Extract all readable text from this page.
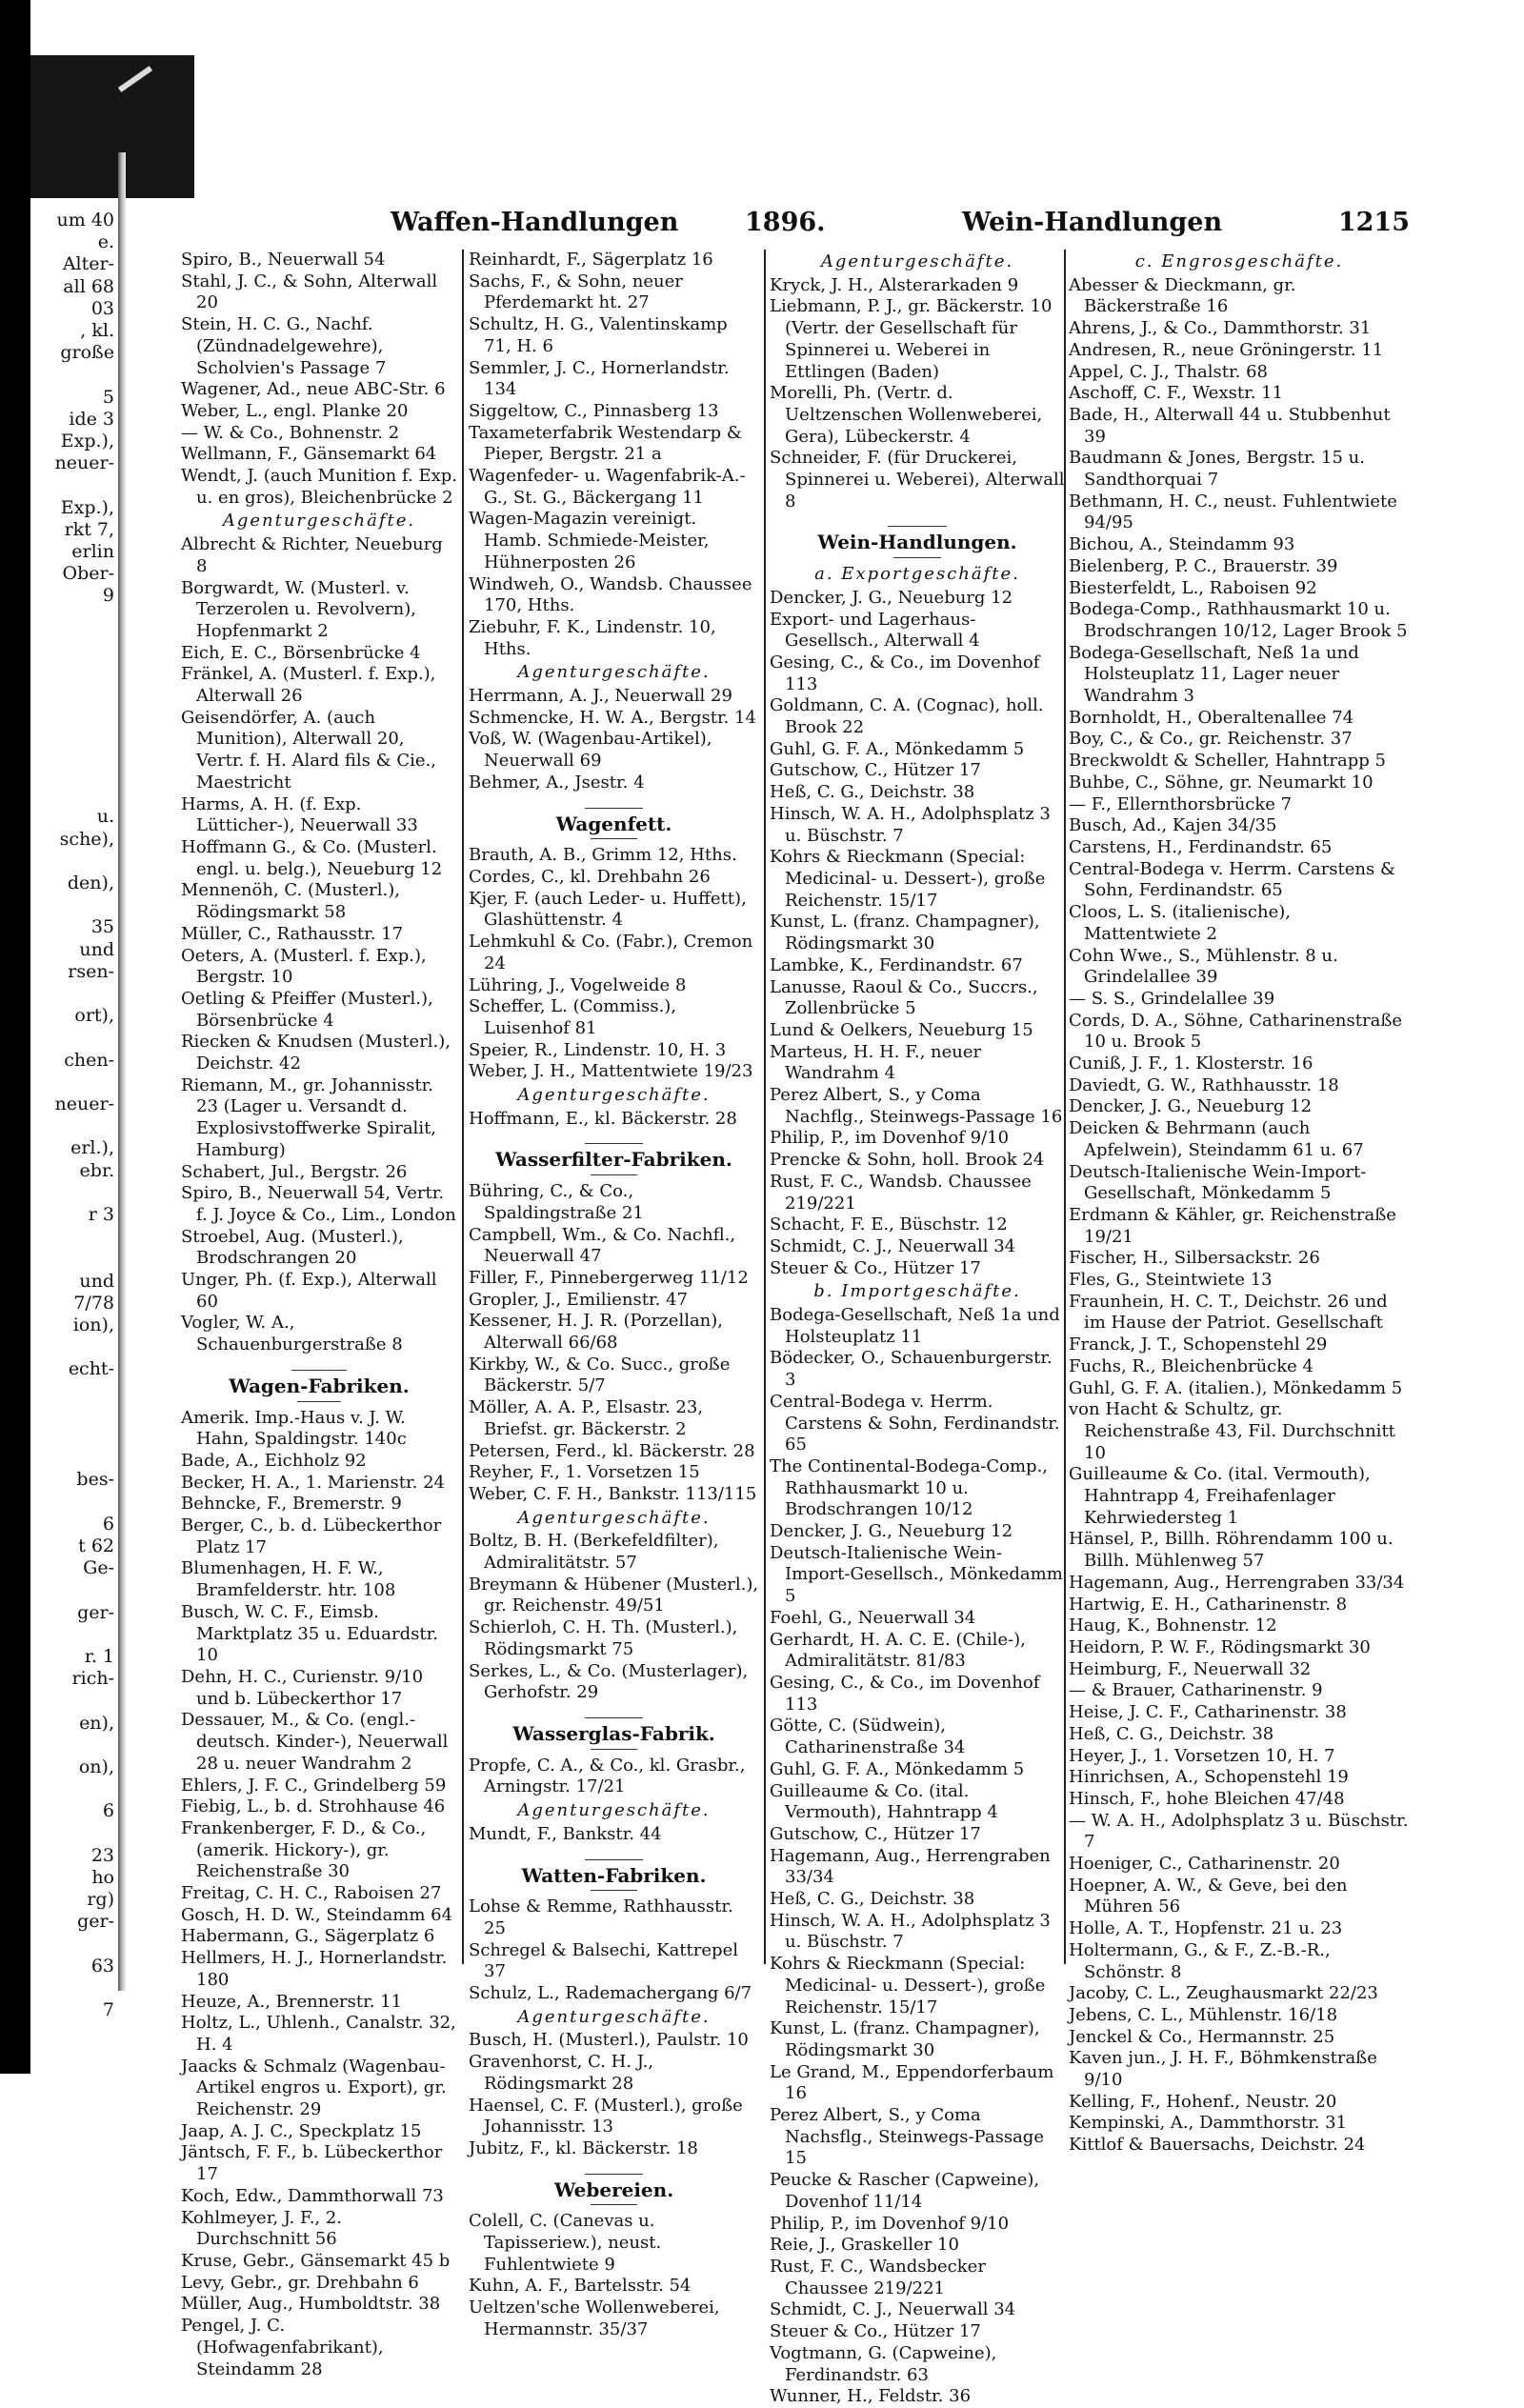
um 40
e.
Alter-
all 68
03
, kl.
große
5
ide 3
Exp.),
neuer-
Exp.),
rkt 7,
erlin
Ober-
9
u.
sche),
den),
35
und
rsen-
ort),
chen-
neuer-
erl.),
ebr.
r 3
und
7/78
ion),
echt-
bes-
6
t 62
Ge-
ger-
r. 1
rich-
en),
on),
6
23
ho
rg)
ger-
63
7
Waffen-Handlungen	1896.	Wein-Handlungen	1215

Spiro, B., Neuerwall 54

Stahl, J. C., & Sohn, Alterwall 20

Stein, H. C. G., Nachf. (Zündnadelgewehre), Scholvien's Passage 7

Wagener, Ad., neue ABC-Str. 6

Weber, L., engl. Planke 20

— W. & Co., Bohnenstr. 2

Wellmann, F., Gänsemarkt 64

Wendt, J. (auch Munition f. Exp. u. en gros), Bleichenbrücke 2

Agenturgeschäfte.

Albrecht & Richter, Neueburg 8

Borgwardt, W. (Musterl. v. Terzerolen u. Revolvern), Hopfenmarkt 2

Eich, E. C., Börsenbrücke 4

Fränkel, A. (Musterl. f. Exp.), Alterwall 26

Geisendörfer, A. (auch Munition), Alterwall 20, Vertr. f. H. Alard fils & Cie., Maestricht

Harms, A. H. (f. Exp. Lütticher-), Neuerwall 33

Hoffmann G., & Co. (Musterl. engl. u. belg.), Neueburg 12

Mennenöh, C. (Musterl.), Rödingsmarkt 58

Müller, C., Rathausstr. 17

Oeters, A. (Musterl. f. Exp.), Bergstr. 10

Oetling & Pfeiffer (Musterl.), Börsenbrücke 4

Riecken & Knudsen (Musterl.), Deichstr. 42

Riemann, M., gr. Johannisstr. 23 (Lager u. Versandt d. Explosivstoffwerke Spiralit, Hamburg)

Schabert, Jul., Bergstr. 26

Spiro, B., Neuerwall 54, Vertr. f. J. Joyce & Co., Lim., London

Stroebel, Aug. (Musterl.), Brodschrangen 20

Unger, Ph. (f. Exp.), Alterwall 60

Vogler, W. A., Schauenburgerstraße 8

Wagen-Fabriken.

Amerik. Imp.-Haus v. J. W. Hahn, Spaldingstr. 140c

Bade, A., Eichholz 92

Becker, H. A., 1. Marienstr. 24

Behncke, F., Bremerstr. 9

Berger, C., b. d. Lübeckerthor Platz 17

Blumenhagen, H. F. W., Bramfelderstr. htr. 108

Busch, W. C. F., Eimsb. Marktplatz 35 u. Eduardstr. 10

Dehn, H. C., Curienstr. 9/10 und b. Lübeckerthor 17

Dessauer, M., & Co. (engl.-deutsch. Kinder-), Neuerwall 28 u. neuer Wandrahm 2

Ehlers, J. F. C., Grindelberg 59

Fiebig, L., b. d. Strohhause 46

Frankenberger, F. D., & Co., (amerik. Hickory-), gr. Reichenstraße 30

Freitag, C. H. C., Raboisen 27

Gosch, H. D. W., Steindamm 64

Habermann, G., Sägerplatz 6

Hellmers, H. J., Hornerlandstr. 180

Heuze, A., Brennerstr. 11

Holtz, L., Uhlenh., Canalstr. 32, H. 4

Jaacks & Schmalz (Wagenbau-Artikel engros u. Export), gr. Reichenstr. 29

Jaap, A. J. C., Speckplatz 15

Jäntsch, F. F., b. Lübeckerthor 17

Koch, Edw., Dammthorwall 73

Kohlmeyer, J. F., 2. Durchschnitt 56

Kruse, Gebr., Gänsemarkt 45 b

Levy, Gebr., gr. Drehbahn 6

Müller, Aug., Humboldtstr. 38

Pengel, J. C. (Hofwagenfabrikant), Steindamm 28

Reinhardt, F., Sägerplatz 16

Sachs, F., & Sohn, neuer Pferdemarkt ht. 27

Schultz, H. G., Valentinskamp 71, H. 6

Semmler, J. C., Hornerlandstr. 134

Siggeltow, C., Pinnasberg 13

Taxameterfabrik Westendarp & Pieper, Bergstr. 21 a

Wagenfeder- u. Wagenfabrik-A.-G., St. G., Bäckergang 11

Wagen-Magazin vereinigt. Hamb. Schmiede-Meister, Hühnerposten 26

Windweh, O., Wandsb. Chaussee 170, Hths.

Ziebuhr, F. K., Lindenstr. 10, Hths.

Agenturgeschäfte.

Herrmann, A. J., Neuerwall 29

Schmencke, H. W. A., Bergstr. 14

Voß, W. (Wagenbau-Artikel), Neuerwall 69

Behmer, A., Jsestr. 4

Wagenfett.

Brauth, A. B., Grimm 12, Hths.

Cordes, C., kl. Drehbahn 26

Kjer, F. (auch Leder- u. Huffett), Glashüttenstr. 4

Lehmkuhl & Co. (Fabr.), Cremon 24

Lühring, J., Vogelweide 8

Scheffer, L. (Commiss.), Luisenhof 81

Speier, R., Lindenstr. 10, H. 3

Weber, J. H., Mattentwiete 19/23

Agenturgeschäfte.

Hoffmann, E., kl. Bäckerstr. 28

Wasserfilter-Fabriken.

Bühring, C., & Co., Spaldingstraße 21

Campbell, Wm., & Co. Nachfl., Neuerwall 47

Filler, F., Pinnebergerweg 11/12

Gropler, J., Emilienstr. 47

Kessener, H. J. R. (Porzellan), Alterwall 66/68

Kirkby, W., & Co. Succ., große Bäckerstr. 5/7

Möller, A. A. P., Elsastr. 23, Briefst. gr. Bäckerstr. 2

Petersen, Ferd., kl. Bäckerstr. 28

Reyher, F., 1. Vorsetzen 15

Weber, C. F. H., Bankstr. 113/115

Agenturgeschäfte.

Boltz, B. H. (Berkefeldfilter), Admiralitätstr. 57

Breymann & Hübener (Musterl.), gr. Reichenstr. 49/51

Schierloh, C. H. Th. (Musterl.), Rödingsmarkt 75

Serkes, L., & Co. (Musterlager), Gerhofstr. 29

Wasserglas-Fabrik.

Propfe, C. A., & Co., kl. Grasbr., Arningstr. 17/21

Agenturgeschäfte.

Mundt, F., Bankstr. 44

Watten-Fabriken.

Lohse & Remme, Rathhausstr. 25

Schregel & Balsechi, Kattrepel 37

Schulz, L., Rademachergang 6/7

Agenturgeschäfte.

Busch, H. (Musterl.), Paulstr. 10

Gravenhorst, C. H. J., Rödingsmarkt 28

Haensel, C. F. (Musterl.), große Johannisstr. 13

Jubitz, F., kl. Bäckerstr. 18

Webereien.

Colell, C. (Canevas u. Tapisseriew.), neust. Fuhlentwiete 9

Kuhn, A. F., Bartelsstr. 54

Ueltzen'sche Wollenweberei, Hermannstr. 35/37

Agenturgeschäfte.

Kryck, J. H., Alsterarkaden 9

Liebmann, P. J., gr. Bäckerstr. 10 (Vertr. der Gesellschaft für Spinnerei u. Weberei in Ettlingen (Baden)

Morelli, Ph. (Vertr. d. Ueltzenschen Wollenweberei, Gera), Lübeckerstr. 4

Schneider, F. (für Druckerei, Spinnerei u. Weberei), Alterwall 8

Wein-Handlungen.

a. Exportgeschäfte.

Dencker, J. G., Neueburg 12

Export- und Lagerhaus-Gesellsch., Alterwall 4

Gesing, C., & Co., im Dovenhof 113

Goldmann, C. A. (Cognac), holl. Brook 22

Guhl, G. F. A., Mönkedamm 5

Gutschow, C., Hützer 17

Heß, C. G., Deichstr. 38

Hinsch, W. A. H., Adolphsplatz 3 u. Büschstr. 7

Kohrs & Rieckmann (Special: Medicinal- u. Dessert-), große Reichenstr. 15/17

Kunst, L. (franz. Champagner), Rödingsmarkt 30

Lambke, K., Ferdinandstr. 67

Lanusse, Raoul & Co., Succrs., Zollenbrücke 5

Lund & Oelkers, Neueburg 15

Marteus, H. H. F., neuer Wandrahm 4

Perez Albert, S., y Coma Nachflg., Steinwegs-Passage 16

Philip, P., im Dovenhof 9/10

Prencke & Sohn, holl. Brook 24

Rust, F. C., Wandsb. Chaussee 219/221

Schacht, F. E., Büschstr. 12

Schmidt, C. J., Neuerwall 34

Steuer & Co., Hützer 17

b. Importgeschäfte.

Bodega-Gesellschaft, Neß 1a und Holsteuplatz 11

Bödecker, O., Schauenburgerstr. 3

Central-Bodega v. Herrm. Carstens & Sohn, Ferdinandstr. 65

The Continental-Bodega-Comp., Rathhausmarkt 10 u. Brodschrangen 10/12

Dencker, J. G., Neueburg 12

Deutsch-Italienische Wein-Import-Gesellsch., Mönkedamm 5

Foehl, G., Neuerwall 34

Gerhardt, H. A. C. E. (Chile-), Admiralitätstr. 81/83

Gesing, C., & Co., im Dovenhof 113

Götte, C. (Südwein), Catharinenstraße 34

Guhl, G. F. A., Mönkedamm 5

Guilleaume & Co. (ital. Vermouth), Hahntrapp 4

Gutschow, C., Hützer 17

Hagemann, Aug., Herrengraben 33/34

Heß, C. G., Deichstr. 38

Hinsch, W. A. H., Adolphsplatz 3 u. Büschstr. 7

Kohrs & Rieckmann (Special: Medicinal- u. Dessert-), große Reichenstr. 15/17

Kunst, L. (franz. Champagner), Rödingsmarkt 30

Le Grand, M., Eppendorferbaum 16

Perez Albert, S., y Coma Nachsflg., Steinwegs-Passage 15

Peucke & Rascher (Capweine), Dovenhof 11/14

Philip, P., im Dovenhof 9/10

Reie, J., Graskeller 10

Rust, F. C., Wandsbecker Chaussee 219/221

Schmidt, C. J., Neuerwall 34

Steuer & Co., Hützer 17

Vogtmann, G. (Capweine), Ferdinandstr. 63

Wunner, H., Feldstr. 36

c. Engrosgeschäfte.

Abesser & Dieckmann, gr. Bäckerstraße 16

Ahrens, J., & Co., Dammthorstr. 31

Andresen, R., neue Gröningerstr. 11

Appel, C. J., Thalstr. 68

Aschoff, C. F., Wexstr. 11

Bade, H., Alterwall 44 u. Stubbenhut 39

Baudmann & Jones, Bergstr. 15 u. Sandthorquai 7

Bethmann, H. C., neust. Fuhlentwiete 94/95

Bichou, A., Steindamm 93

Bielenberg, P. C., Brauerstr. 39

Biesterfeldt, L., Raboisen 92

Bodega-Comp., Rathhausmarkt 10 u. Brodschrangen 10/12, Lager Brook 5

Bodega-Gesellschaft, Neß 1a und Holsteuplatz 11, Lager neuer Wandrahm 3

Bornholdt, H., Oberaltenallee 74

Boy, C., & Co., gr. Reichenstr. 37

Breckwoldt & Scheller, Hahntrapp 5

Buhbe, C., Söhne, gr. Neumarkt 10

— F., Ellernthorsbrücke 7

Busch, Ad., Kajen 34/35

Carstens, H., Ferdinandstr. 65

Central-Bodega v. Herrm. Carstens & Sohn, Ferdinandstr. 65

Cloos, L. S. (italienische), Mattentwiete 2

Cohn Wwe., S., Mühlenstr. 8 u. Grindelallee 39

— S. S., Grindelallee 39

Cords, D. A., Söhne, Catharinenstraße 10 u. Brook 5

Cuniß, J. F., 1. Klosterstr. 16

Daviedt, G. W., Rathhausstr. 18

Dencker, J. G., Neueburg 12

Deicken & Behrmann (auch Apfelwein), Steindamm 61 u. 67

Deutsch-Italienische Wein-Import-Gesellschaft, Mönkedamm 5

Erdmann & Kähler, gr. Reichenstraße 19/21

Fischer, H., Silbersackstr. 26

Fles, G., Steintwiete 13

Fraunhein, H. C. T., Deichstr. 26 und im Hause der Patriot. Gesellschaft

Franck, J. T., Schopenstehl 29

Fuchs, R., Bleichenbrücke 4

Guhl, G. F. A. (italien.), Mönkedamm 5

von Hacht & Schultz, gr. Reichenstraße 43, Fil. Durchschnitt 10

Guilleaume & Co. (ital. Vermouth), Hahntrapp 4, Freihafenlager Kehrwiedersteg 1

Hänsel, P., Billh. Röhrendamm 100 u. Billh. Mühlenweg 57

Hagemann, Aug., Herrengraben 33/34

Hartwig, E. H., Catharinenstr. 8

Haug, K., Bohnenstr. 12

Heidorn, P. W. F., Rödingsmarkt 30

Heimburg, F., Neuerwall 32

— & Brauer, Catharinenstr. 9

Heise, J. C. F., Catharinenstr. 38

Heß, C. G., Deichstr. 38

Heyer, J., 1. Vorsetzen 10, H. 7

Hinrichsen, A., Schopenstehl 19

Hinsch, F., hohe Bleichen 47/48

— W. A. H., Adolphsplatz 3 u. Büschstr. 7

Hoeniger, C., Catharinenstr. 20

Hoepner, A. W., & Geve, bei den Mühren 56

Holle, A. T., Hopfenstr. 21 u. 23

Holtermann, G., & F., Z.-B.-R., Schönstr. 8

Jacoby, C. L., Zeughausmarkt 22/23

Jebens, C. L., Mühlenstr. 16/18

Jenckel & Co., Hermannstr. 25

Kaven jun., J. H. F., Böhmkenstraße 9/10

Kelling, F., Hohenf., Neustr. 20

Kempinski, A., Dammthorstr. 31

Kittlof & Bauersachs, Deichstr. 24
